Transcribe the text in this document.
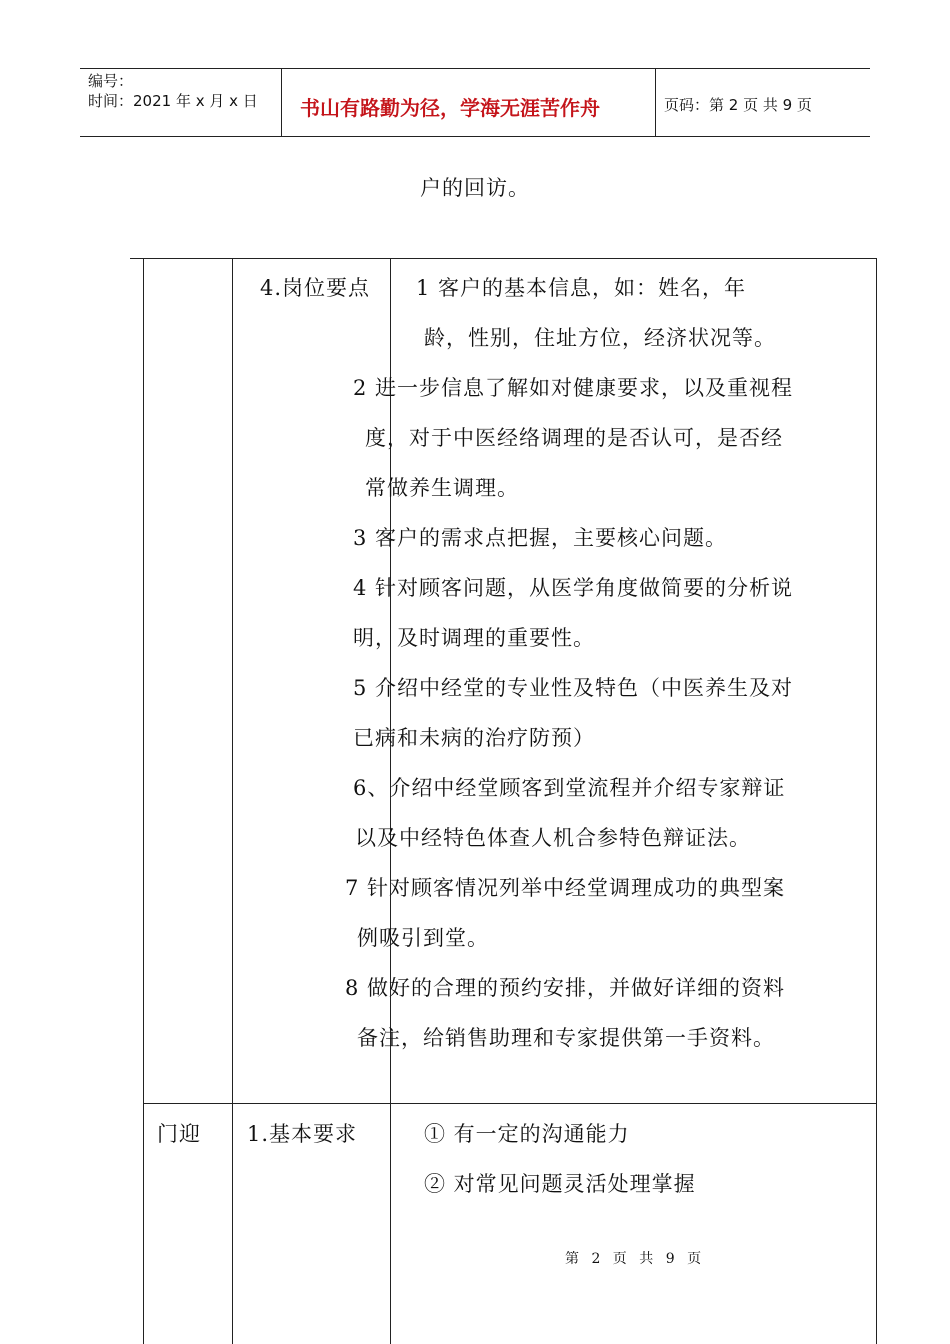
编号：
时间：2021 年 x 月 x 日 书山有路勤为径，学海无涯苦作舟	页码：第 2 页 共 9 页
户的回访。
4.岗位要点 1 客户的基本信息，如：姓名，年
龄，性别，住址方位，经济状况等。
2 进一步信息了解如对健康要求，以及重视程
度，对于中医经络调理的是否认可，是否经
常做养生调理。
3 客户的需求点把握，主要核心问题。
4 针对顾客问题，从医学角度做简要的分析说
明，及时调理的重要性。
5 介绍中经堂的专业性及特色（中医养生及对
已病和未病的治疗防预）
6、介绍中经堂顾客到堂流程并介绍专家辩证
以及中经特色体查人机合参特色辩证法。
7 针对顾客情况列举中经堂调理成功的典型案
例吸引到堂。
8 做好的合理的预约安排，并做好详细的资料
备注，给销售助理和专家提供第一手资料。
门迎 1.基本要求	① 有一定的沟通能力
② 对常见问题灵活处理掌握
第 2 页 共 9 页
